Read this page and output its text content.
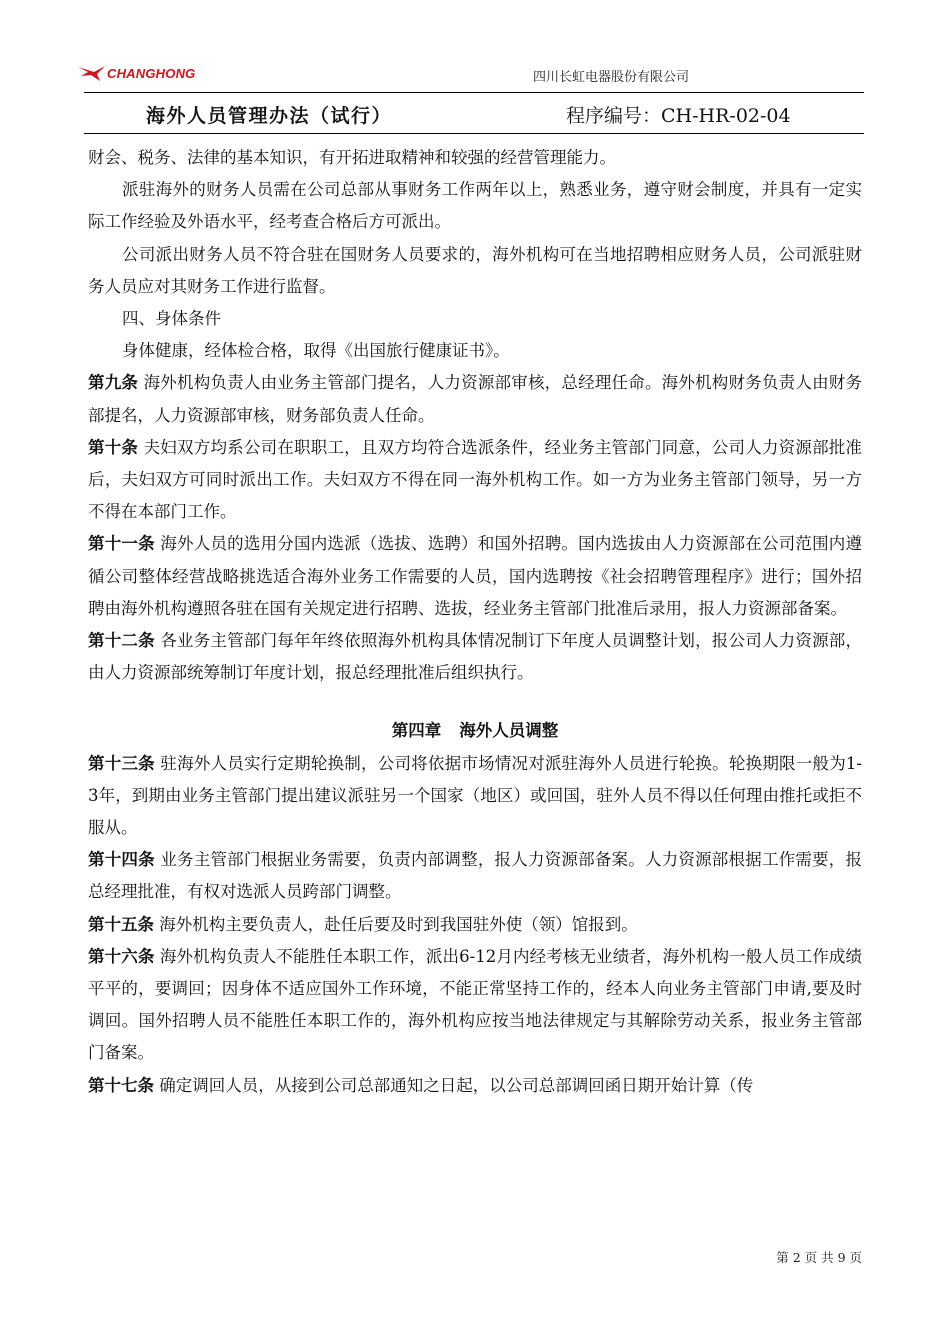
CHANGHONG	四川长虹电器股份有限公司
海外人员管理办法（试行）	程序编号：CH-HR-02-04

财会、税务、法律的基本知识，有开拓进取精神和较强的经营管理能力。

派驻海外的财务人员需在公司总部从事财务工作两年以上，熟悉业务，遵守财会制度，并具有一定实际工作经验及外语水平，经考查合格后方可派出。

公司派出财务人员不符合驻在国财务人员要求的，海外机构可在当地招聘相应财务人员，公司派驻财务人员应对其财务工作进行监督。

四、身体条件

身体健康，经体检合格，取得《出国旅行健康证书》。

第九条 海外机构负责人由业务主管部门提名，人力资源部审核，总经理任命。海外机构财务负责人由财务部提名，人力资源部审核，财务部负责人任命。

第十条 夫妇双方均系公司在职职工，且双方均符合选派条件，经业务主管部门同意，公司人力资源部批准后，夫妇双方可同时派出工作。夫妇双方不得在同一海外机构工作。如一方为业务主管部门领导，另一方不得在本部门工作。

第十一条 海外人员的选用分国内选派（选拔、选聘）和国外招聘。国内选拔由人力资源部在公司范围内遵循公司整体经营战略挑选适合海外业务工作需要的人员，国内选聘按《社会招聘管理程序》进行；国外招聘由海外机构遵照各驻在国有关规定进行招聘、选拔，经业务主管部门批准后录用，报人力资源部备案。

第十二条 各业务主管部门每年年终依照海外机构具体情况制订下年度人员调整计划，报公司人力资源部，由人力资源部统筹制订年度计划，报总经理批准后组织执行。

第四章 海外人员调整

第十三条 驻海外人员实行定期轮换制，公司将依据市场情况对派驻海外人员进行轮换。轮换期限一般为1-3年，到期由业务主管部门提出建议派驻另一个国家（地区）或回国，驻外人员不得以任何理由推托或拒不服从。

第十四条 业务主管部门根据业务需要，负责内部调整，报人力资源部备案。人力资源部根据工作需要，报总经理批准，有权对选派人员跨部门调整。

第十五条 海外机构主要负责人，赴任后要及时到我国驻外使（领）馆报到。

第十六条 海外机构负责人不能胜任本职工作，派出6-12月内经考核无业绩者，海外机构一般人员工作成绩平平的，要调回；因身体不适应国外工作环境，不能正常坚持工作的，经本人向业务主管部门申请,要及时调回。国外招聘人员不能胜任本职工作的，海外机构应按当地法律规定与其解除劳动关系，报业务主管部门备案。

第十七条 确定调回人员，从接到公司总部通知之日起，以公司总部调回函日期开始计算（传

第 2 页 共 9 页
